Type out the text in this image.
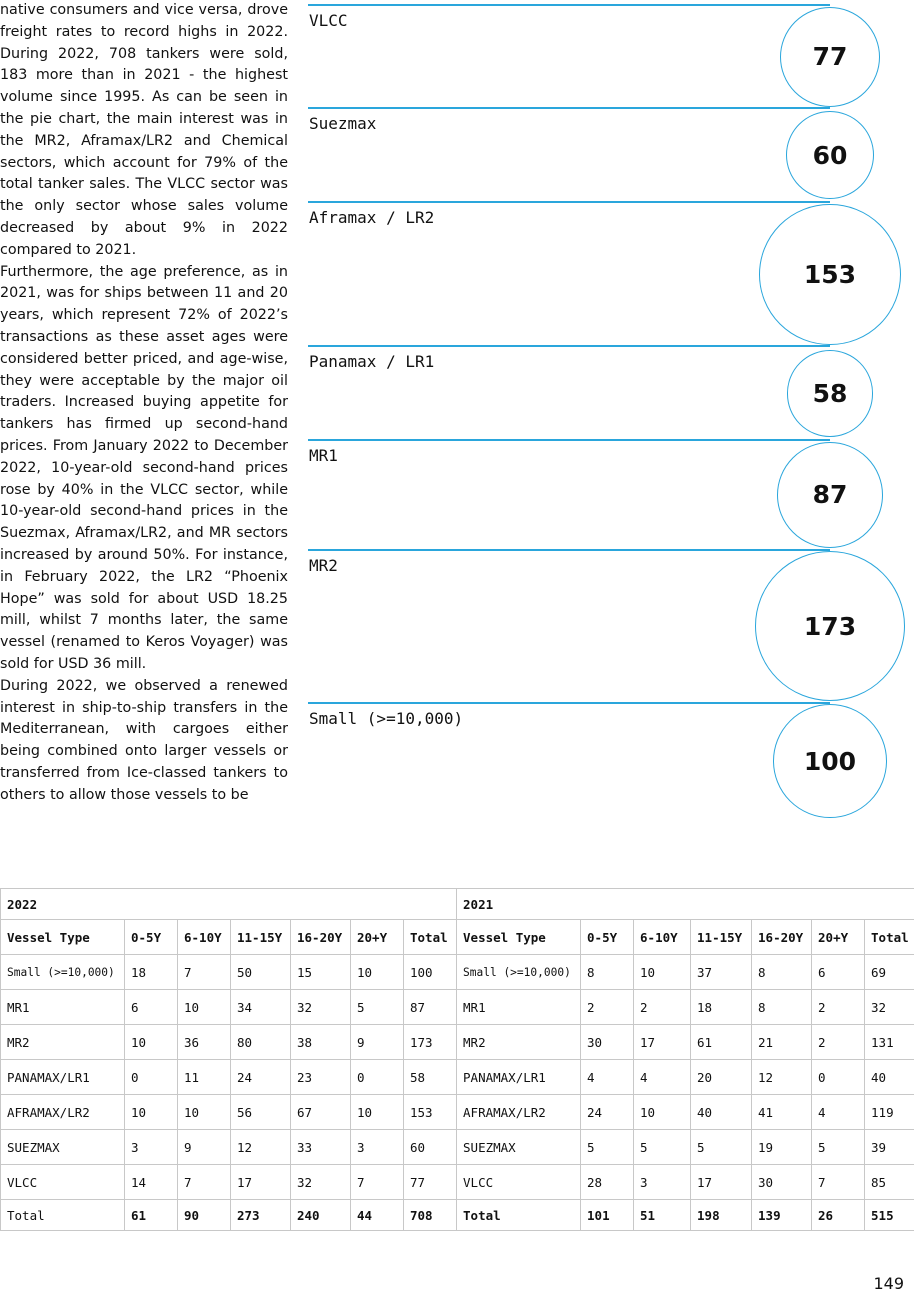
native consumers and vice versa, drove freight rates to record highs in 2022. During 2022, 708 tankers were sold, 183 more than in 2021 - the highest volume since 1995. As can be seen in the pie chart, the main interest was in the MR2, Aframax/LR2 and Chemical sectors, which account for 79% of the total tanker sales. The VLCC sector was the only sector whose sales volume decreased by about 9% in 2022 compared to 2021.

Furthermore, the age preference, as in 2021, was for ships between 11 and 20 years, which represent 72% of 2022’s transactions as these asset ages were considered better priced, and age-wise, they were acceptable by the major oil traders. Increased buying appetite for tankers has firmed up second-hand prices. From January 2022 to December 2022, 10-year-old second-hand prices rose by 40% in the VLCC sector, while 10-year-old second-hand prices in the Suezmax, Aframax/LR2, and MR sectors increased by around 50%. For instance, in February 2022, the LR2 “Phoenix Hope” was sold for about USD 18.25 mill, whilst 7 months later, the same vessel (renamed to Keros Voyager) was sold for USD 36 mill.

During 2022, we observed a renewed interest in ship-to-ship transfers in the Mediterranean, with cargoes either being combined onto larger vessels or transferred from Ice-classed tankers to others to allow those vessels to be

VLCC
77
Suezmax
60
Aframax / LR2
153
Panamax / LR1
58
MR1
87
MR2
173
Small (>=10,000)
100
2022							2021						
Vessel Type	0-5Y	6-10Y	11-15Y	16-20Y	20+Y	Total	Vessel Type	0-5Y	6-10Y	11-15Y	16-20Y	20+Y	Total
Small (>=10,000)	18	7	50	15	10	100	Small (>=10,000)	8	10	37	8	6	69
MR1	6	10	34	32	5	87	MR1	2	2	18	8	2	32
MR2	10	36	80	38	9	173	MR2	30	17	61	21	2	131
PANAMAX/LR1	0	11	24	23	0	58	PANAMAX/LR1	4	4	20	12	0	40
AFRAMAX/LR2	10	10	56	67	10	153	AFRAMAX/LR2	24	10	40	41	4	119
SUEZMAX	3	9	12	33	3	60	SUEZMAX	5	5	5	19	5	39
VLCC	14	7	17	32	7	77	VLCC	28	3	17	30	7	85
Total	61	90	273	240	44	708	Total	101	51	198	139	26	515
149
